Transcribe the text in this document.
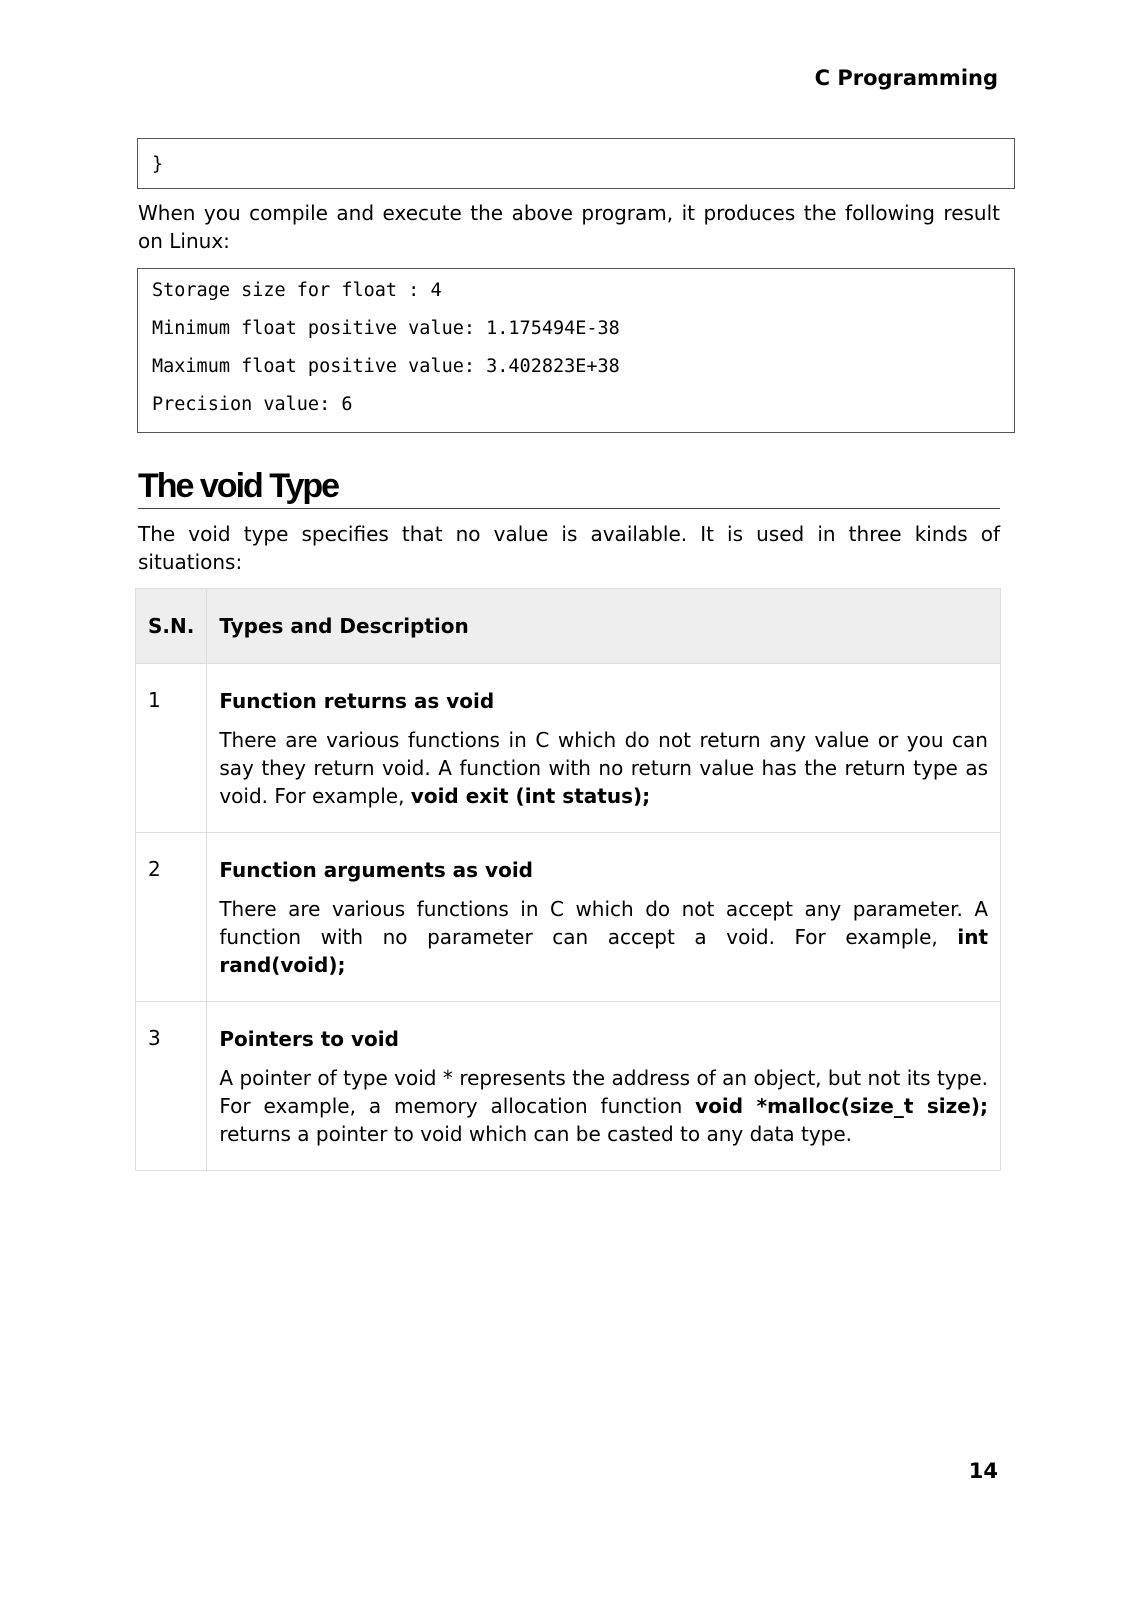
C Programming
}
When you compile and execute the above program, it produces the following result on Linux:
Storage size for float : 4
Minimum float positive value: 1.175494E-38
Maximum float positive value: 3.402823E+38
Precision value: 6
The void Type
The void type specifies that no value is available. It is used in three kinds of situations:
S.N.	Types and Description
1	Function returns as void
There are various functions in C which do not return any value or you can say they return void. A function with no return value has the return type as void. For example, void exit (int status);

2	Function arguments as void
There are various functions in C which do not accept any parameter. A function with no parameter can accept a void. For example, int rand(void);

3	Pointers to void
A pointer of type void * represents the address of an object, but not its type. For example, a memory allocation function void *malloc(size_t size); returns a pointer to void which can be casted to any data type.
14
